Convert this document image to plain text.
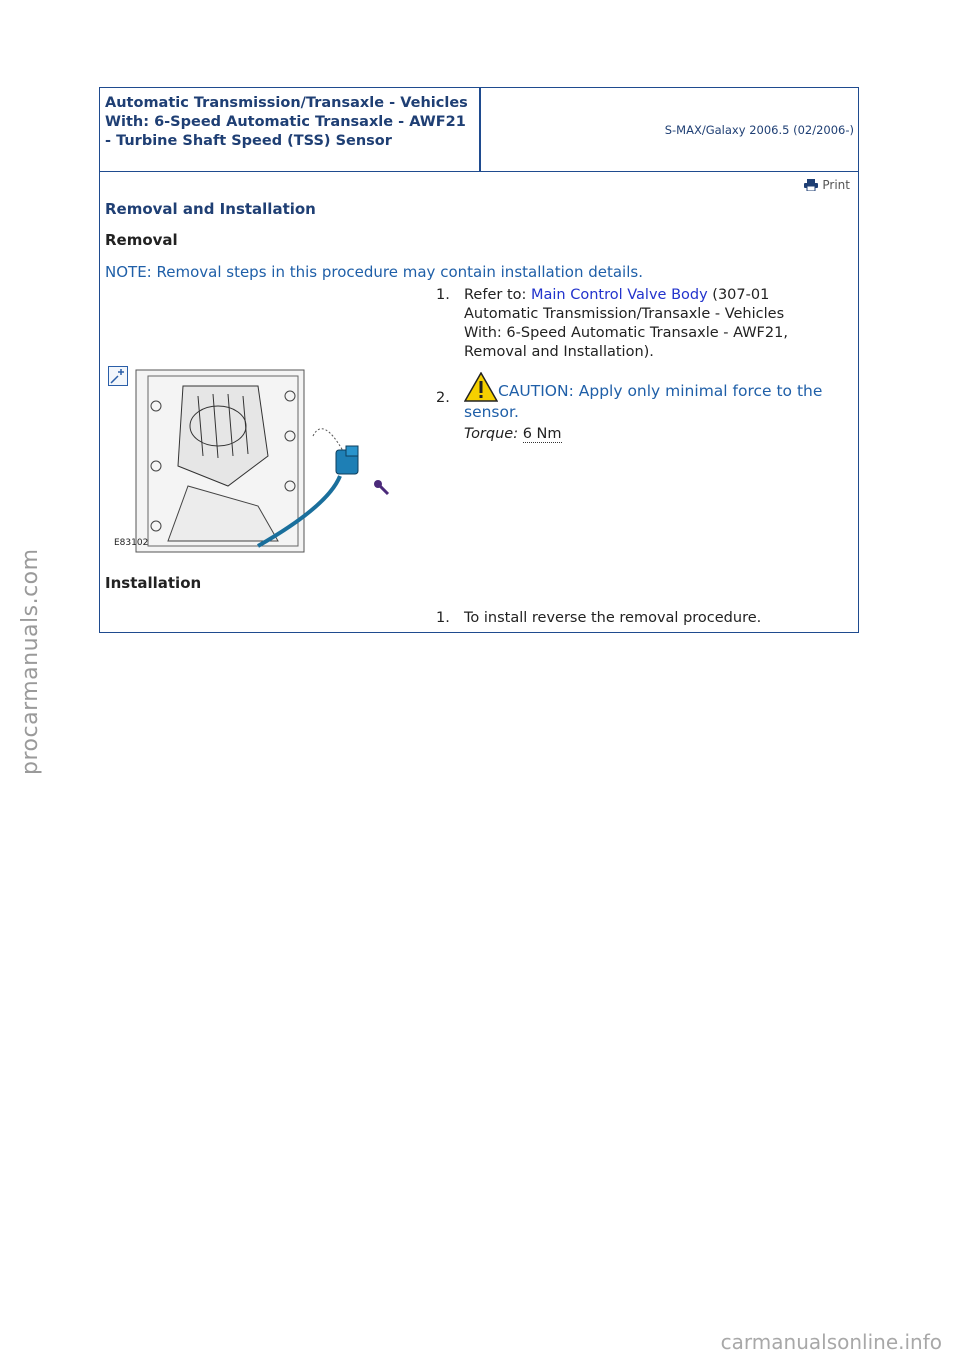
Automatic Transmission/Transaxle - Vehicles With: 6-Speed Automatic Transaxle - AWF21 - Turbine Shaft Speed (TSS) Sensor
S-MAX/Galaxy 2006.5 (02/2006-)
Print
Removal and Installation
Removal
NOTE: Removal steps in this procedure may contain installation details.
1. Refer to: Main Control Valve Body (307-01 Automatic Transmission/Transaxle - Vehicles With: 6-Speed Automatic Transaxle - AWF21, Removal and Installation).
2.	CAUTION: Apply only minimal force to the sensor.
Torque: 6 Nm
E83102
Installation
1. To install reverse the removal procedure.
procarmanuals.com
carmanualsonline.info
